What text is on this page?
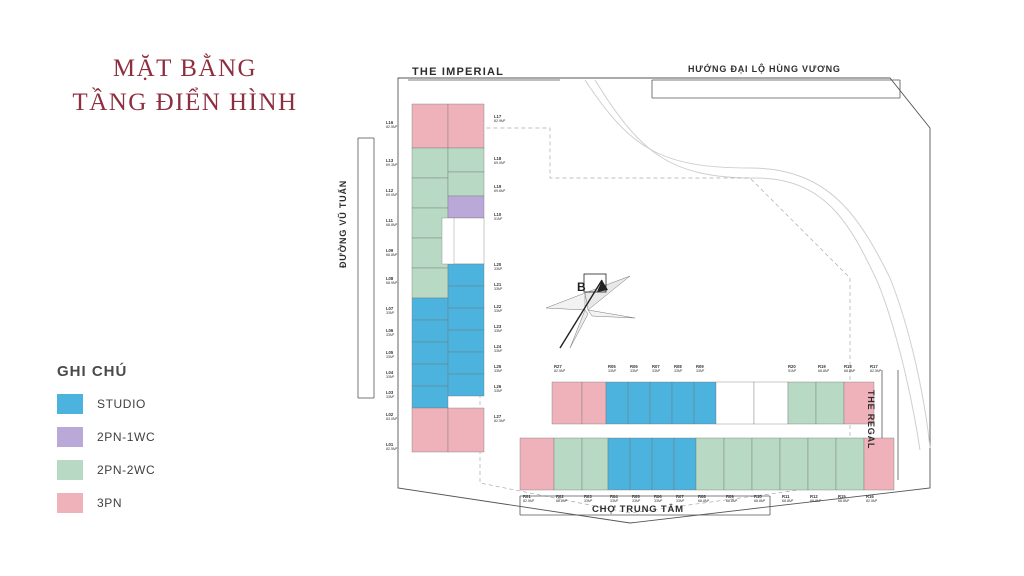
MẶT BẰNG
TẦNG ĐIỂN HÌNH
GHI CHÚ
STUDIO
2PN-1WC
2PN-2WC
3PN
THE IMPERIAL	HƯỚNG ĐẠI LỘ HÙNG VƯƠNG
CHỢ TRUNG TÂM
ĐƯỜNG VŨ TUẤN
THE REGAL
B
L16
82.5M²
L13
69.3M²
L12
69.0M²
L11
68.8M²
L09
68.8M²
L08
68.9M²
L07
33M²
L06
33M²
L05
33M²
L04
33M²
L03
33M²
L02
83.0M²
L01
82.5M²
L17
82.9M²
L18
69.0M²
L19
69.6M²
L10
51M²
L20
33M²
L21
33M²
L22
33M²
L23
33M²
L24
33M²
L25
33M²
L26
33M²
L27
82.5M²
R27
82.5M²
R05
33M²
R06
33M²
R07
33M²
R08
33M²
R09
33M²
R20
51M²
R19
68.8M²
R18
68.8M²
R17
82.5M²
R01
82.5M²
R02
68.8M²
R03
33M²
R04
33M²
R05
33M²
R06
33M²
R07
33M²
R08
68.8M²
R09
68.8M²
R10
68.8M²
R11
68.8M²
R12
68.8M²
R15
68.8M²
R16
82.5M²
